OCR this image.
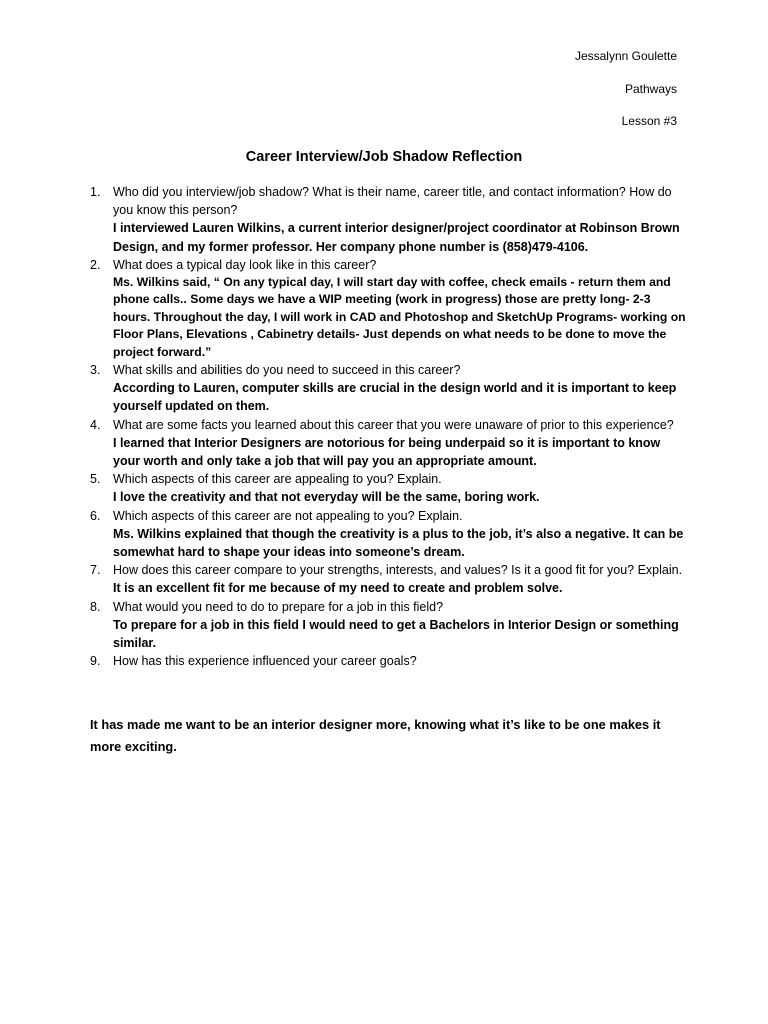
Jessalynn Goulette
Pathways
Lesson #3
Career Interview/Job Shadow Reflection
1. Who did you interview/job shadow? What is their name, career title, and contact information? How do you know this person?
I interviewed Lauren Wilkins, a current interior designer/project coordinator at Robinson Brown Design, and my former professor. Her company phone number is (858)479-4106.
2. What does a typical day look like in this career?
Ms. Wilkins said, “ On any typical day, I will start day with coffee, check emails - return them and phone calls.. Some days we have a WIP meeting (work in progress) those are pretty long- 2-3 hours. Throughout the day, I will work in CAD and Photoshop and SketchUp Programs- working on Floor Plans, Elevations , Cabinetry details- Just depends on what needs to be done to move the project forward.”
3. What skills and abilities do you need to succeed in this career?
According to Lauren, computer skills are crucial in the design world and it is important to keep yourself updated on them.
4. What are some facts you learned about this career that you were unaware of prior to this experience?
I learned that Interior Designers are notorious for being underpaid so it is important to know your worth and only take a job that will pay you an appropriate amount.
5. Which aspects of this career are appealing to you? Explain.
I love the creativity and that not everyday will be the same, boring work.
6. Which aspects of this career are not appealing to you? Explain.
Ms. Wilkins explained that though the creativity is a plus to the job, it’s also a negative. It can be somewhat hard to shape your ideas into someone’s dream.
7. How does this career compare to your strengths, interests, and values? Is it a good fit for you? Explain.
It is an excellent fit for me because of my need to create and problem solve.
8. What would you need to do to prepare for a job in this field?
To prepare for a job in this field I would need to get a Bachelors in Interior Design or something similar.
9. How has this experience influenced your career goals?
It has made me want to be an interior designer more, knowing what it’s like to be one makes it more exciting.
